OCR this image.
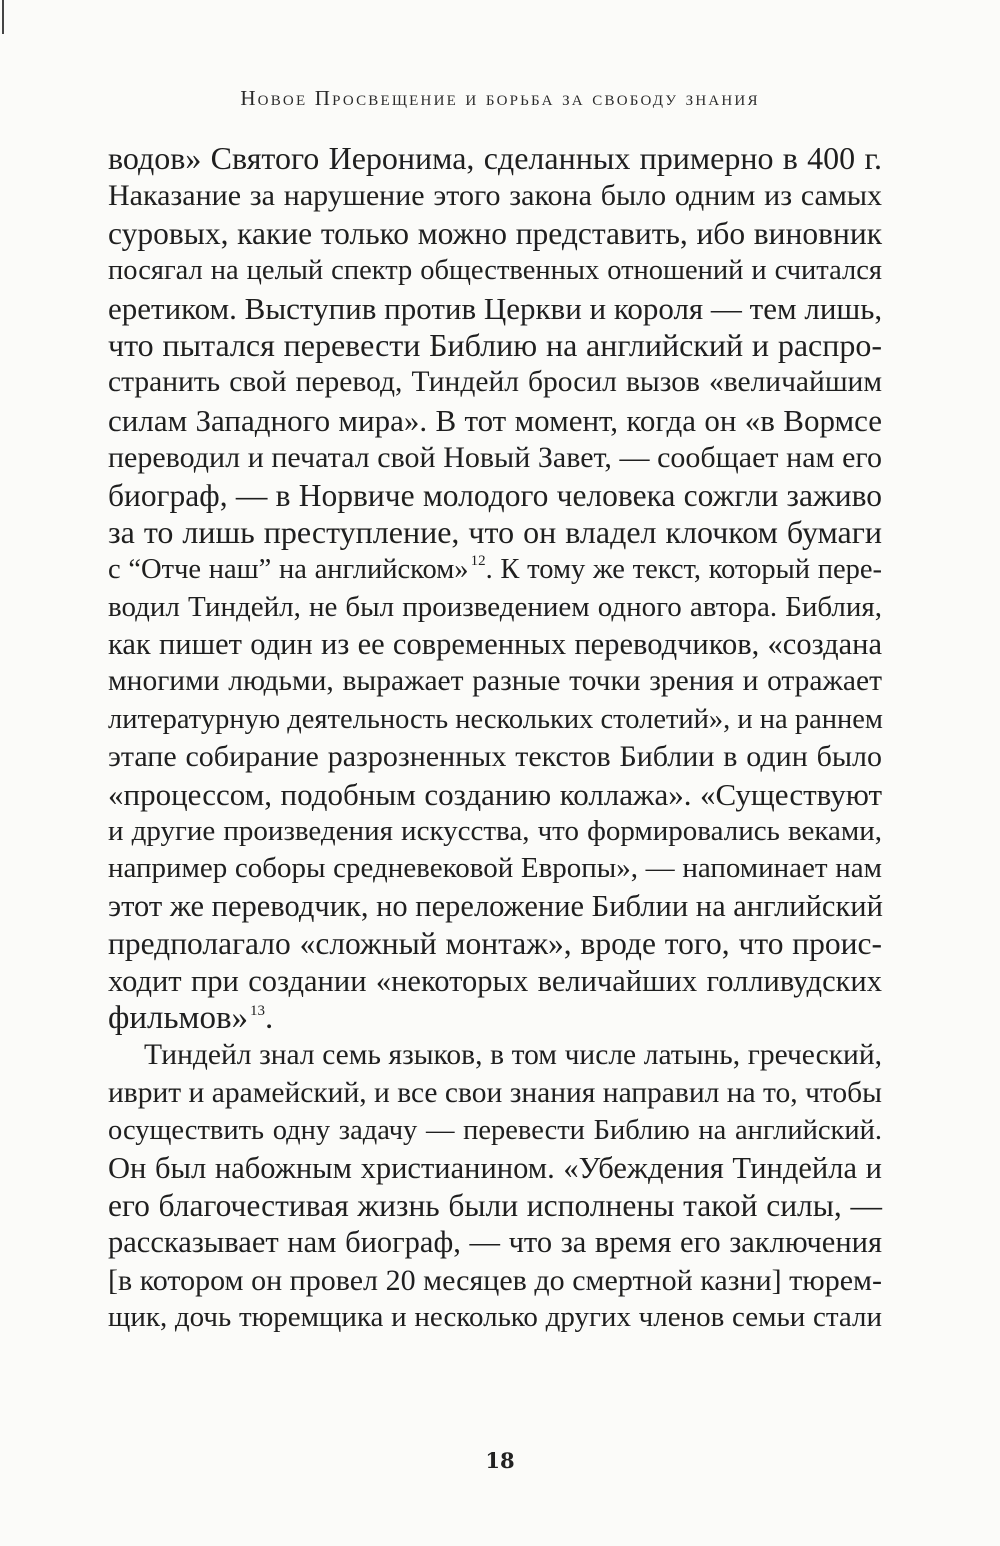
Новое Просвещение и борьба за свободу знания
водов» Святого Иеронима, сделанных примерно в 400 г.
Наказание за нарушение этого закона было одним из самых
суровых, какие только можно представить, ибо виновник
посягал на целый спектр общественных отношений и считался
еретиком. Выступив против Церкви и короля — тем лишь,
что пытался перевести Библию на английский и распро-
странить свой перевод, Тиндейл бросил вызов «величайшим
силам Западного мира». В тот момент, когда он «в Вормсе
переводил и печатал свой Новый Завет, — сообщает нам его
биограф, — в Норвиче молодого человека сожгли заживо
за то лишь преступление, что он владел клочком бумаги
с “Отче наш” на английском» $^{12}$. К тому же текст, который пере-
водил Тиндейл, не был произведением одного автора. Библия,
как пишет один из ее современных переводчиков, «создана
многими людьми, выражает разные точки зрения и отражает
литературную деятельность нескольких столетий», и на раннем
этапе собирание разрозненных текстов Библии в один было
«процессом, подобным созданию коллажа». «Существуют
и другие произведения искусства, что формировались веками,
например соборы средневековой Европы», — напоминает нам
этот же переводчик, но переложение Библии на английский
предполагало «сложный монтаж», вроде того, что проис-
ходит при создании «некоторых величайших голливудских
фильмов» $^{13}$.
Тиндейл знал семь языков, в том числе латынь, греческий,
иврит и арамейский, и все свои знания направил на то, чтобы
осуществить одну задачу — перевести Библию на английский.
Он был набожным христианином. «Убеждения Тиндейла и
его благочестивая жизнь были исполнены такой силы, —
рассказывает нам биограф, — что за время его заключения
[в котором он провел 20 месяцев до смертной казни] тюрем-
щик, дочь тюремщика и несколько других членов семьи стали
18
